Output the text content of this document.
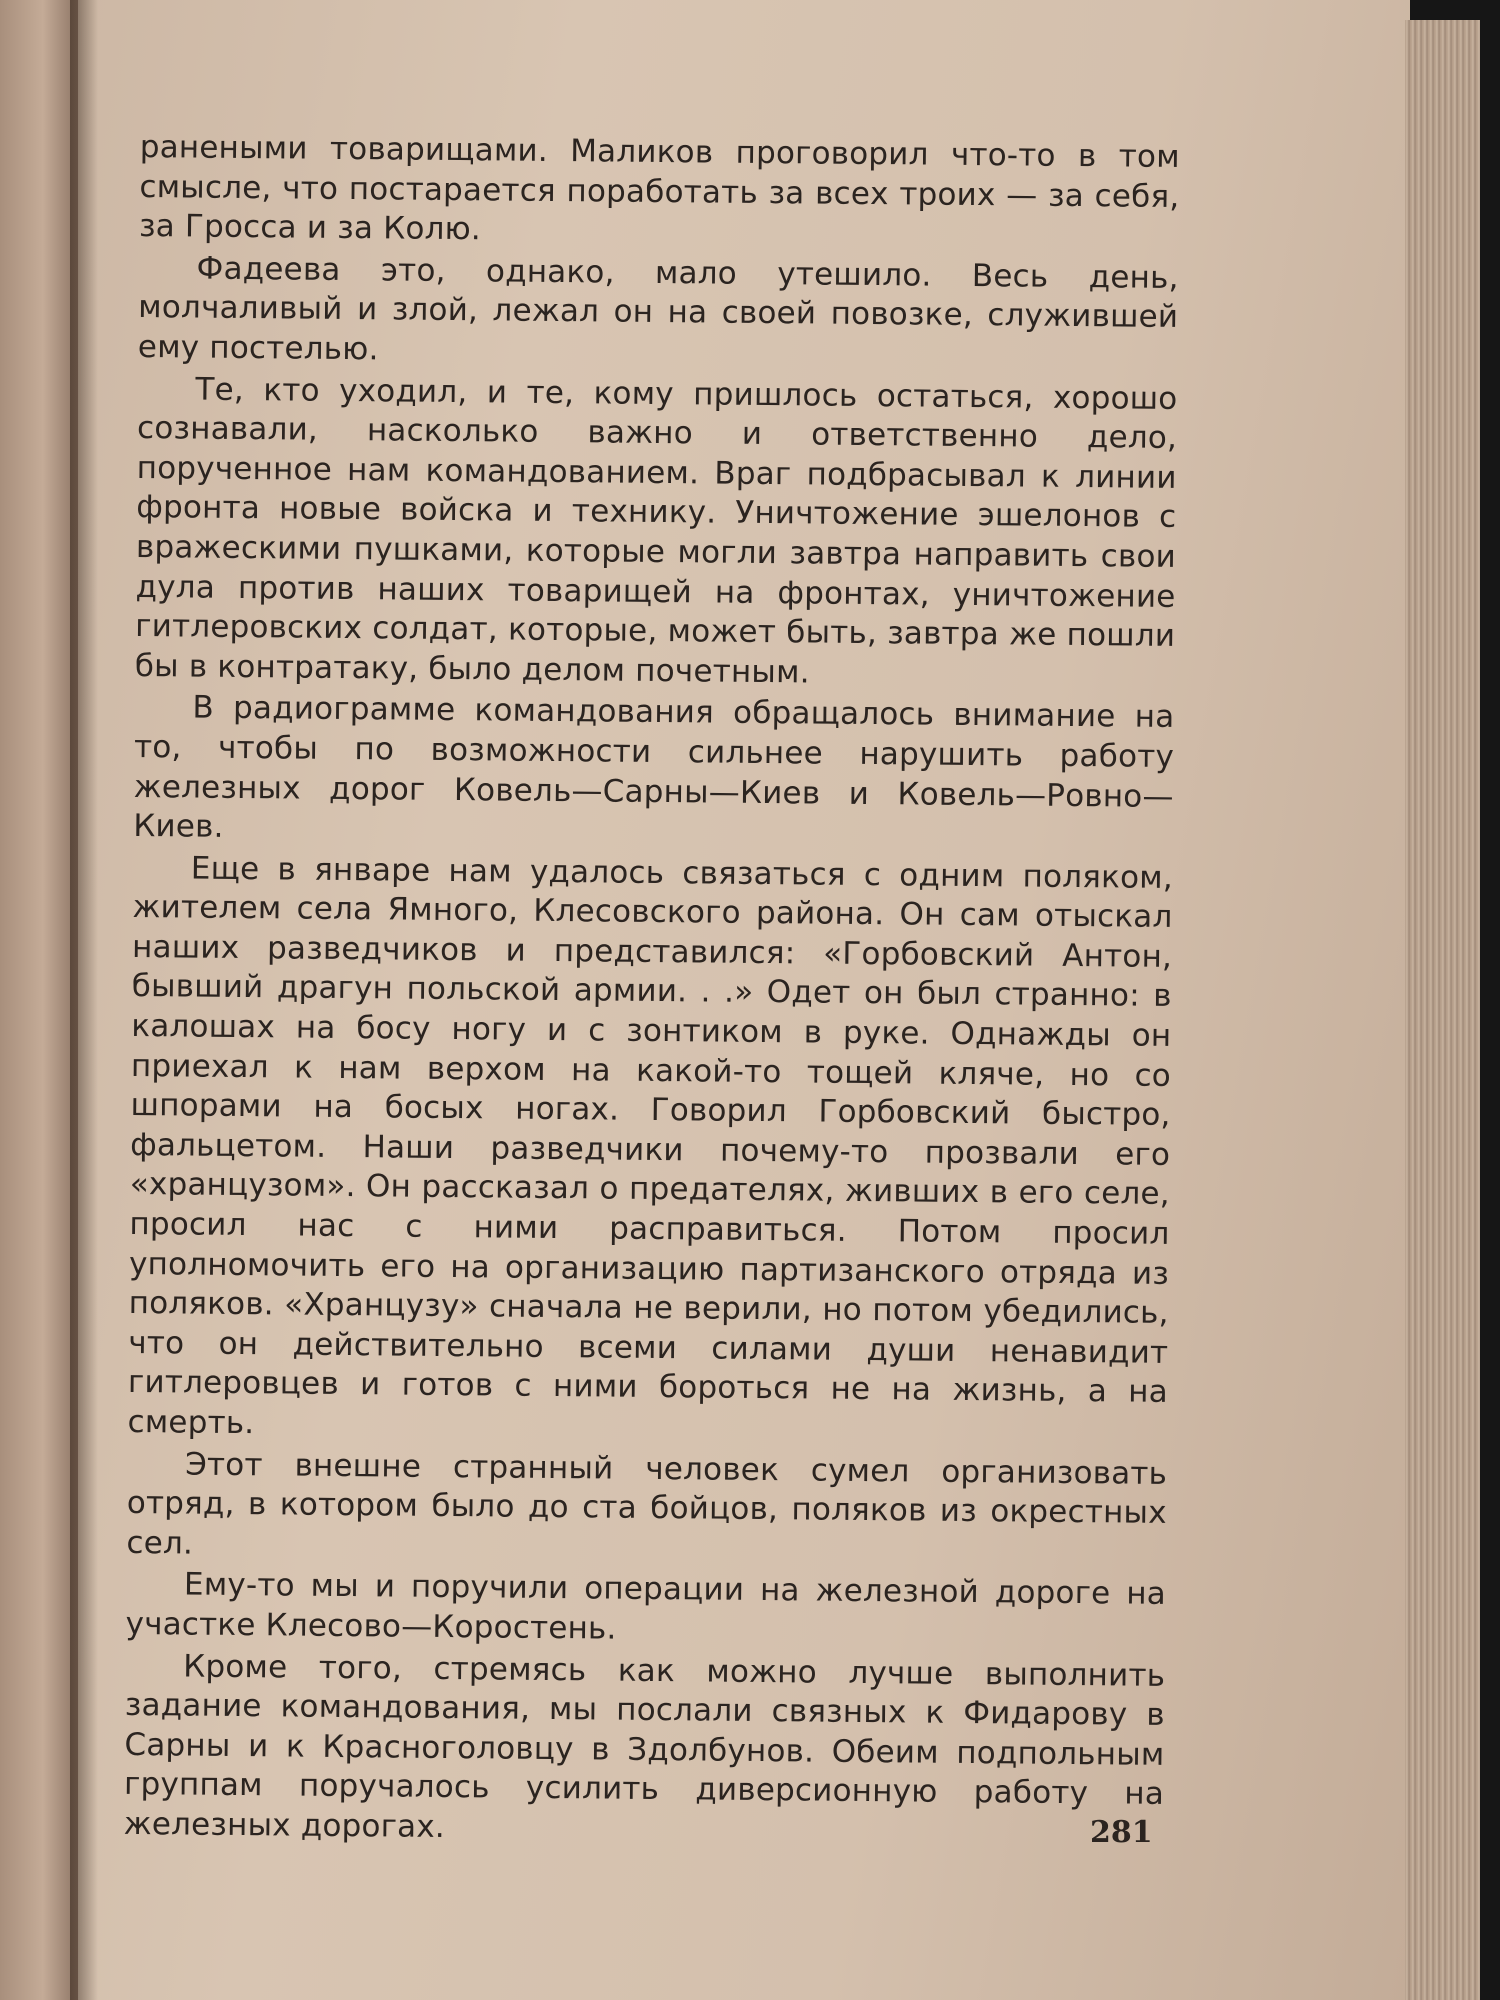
ранеными товарищами. Маликов проговорил что-то в том смысле, что постарается поработать за всех троих — за себя, за Гросса и за Колю.

Фадеева это, однако, мало утешило. Весь день, молчаливый и злой, лежал он на своей повозке, служившей ему постелью.

Те, кто уходил, и те, кому пришлось остаться, хорошо сознавали, насколько важно и ответственно дело, порученное нам командованием. Враг подбрасывал к линии фронта новые войска и технику. Уничтожение эшелонов с вражескими пушками, которые могли завтра направить свои дула против наших товарищей на фронтах, уничтожение гитлеровских солдат, которые, может быть, завтра же пошли бы в контратаку, было делом почетным.

В радиограмме командования обращалось внимание на то, чтобы по возможности сильнее нарушить работу железных дорог Ковель—Сарны—Киев и Ковель—Ровно—Киев.

Еще в январе нам удалось связаться с одним поляком, жителем села Ямного, Клесовского района. Он сам отыскал наших разведчиков и представился: «Горбовский Антон, бывший драгун польской армии. . .» Одет он был странно: в калошах на босу ногу и с зонтиком в руке. Однажды он приехал к нам верхом на какой-то тощей кляче, но со шпорами на босых ногах. Говорил Горбовский быстро, фальцетом. Наши разведчики почему-то прозвали его «хранцузом». Он рассказал о предателях, живших в его селе, просил нас с ними расправиться. Потом просил уполномочить его на организацию партизанского отряда из поляков. «Хранцузу» сначала не верили, но потом убедились, что он действительно всеми силами души ненавидит гитлеровцев и готов с ними бороться не на жизнь, а на смерть.

Этот внешне странный человек сумел организовать отряд, в котором было до ста бойцов, поляков из окрестных сел.

Ему-то мы и поручили операции на железной дороге на участке Клесово—Коростень.

Кроме того, стремясь как можно лучше выполнить задание командования, мы послали связных к Фидарову в Сарны и к Красноголовцу в Здолбунов. Обеим подпольным группам поручалось усилить диверсионную работу на железных дорогах.	281
